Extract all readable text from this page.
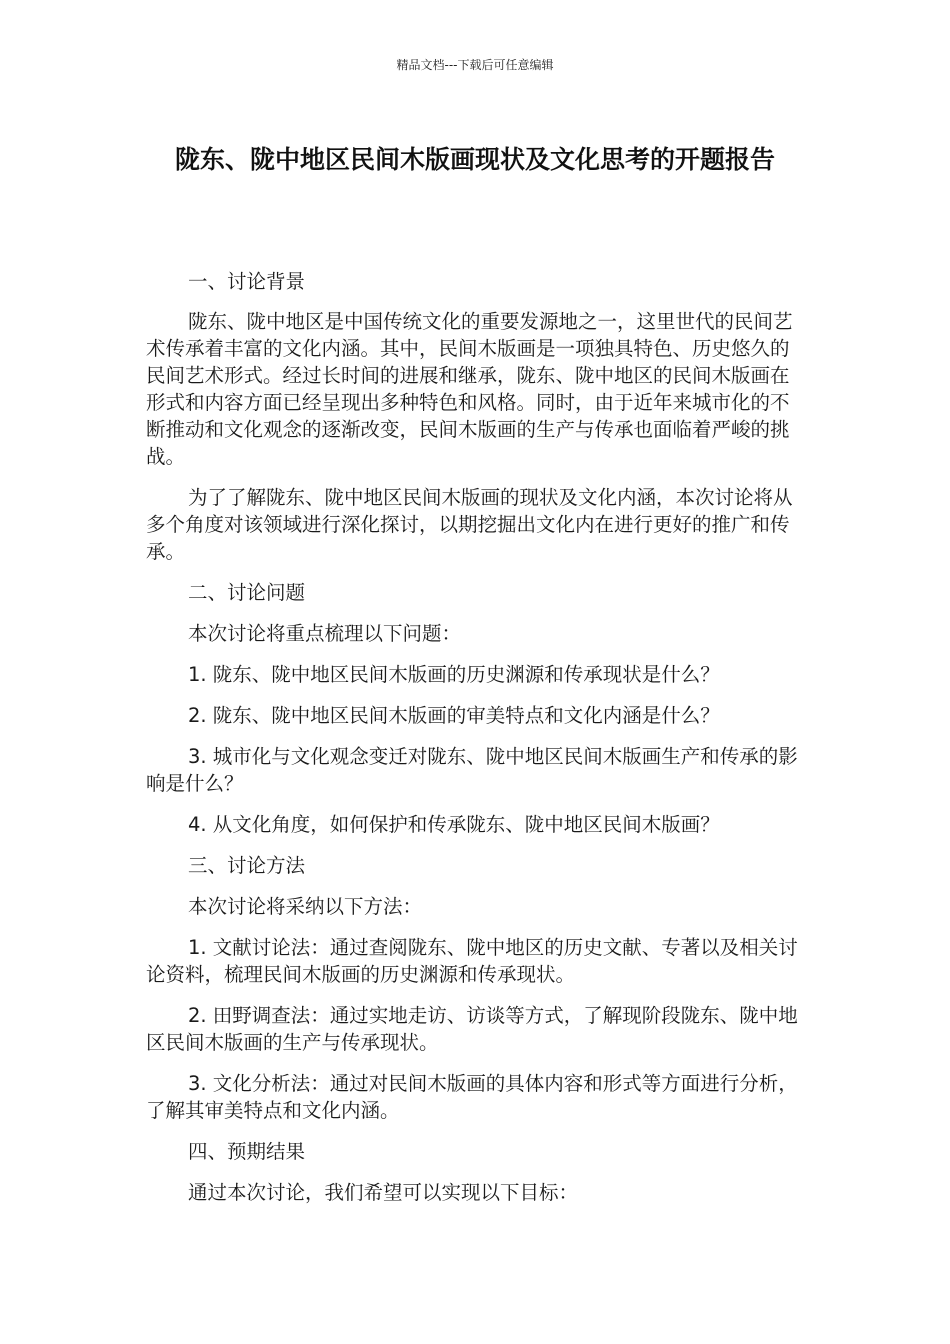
精品文档---下载后可任意编辑
陇东、陇中地区民间木版画现状及文化思考的开题报告

一、讨论背景

陇东、陇中地区是中国传统文化的重要发源地之一，这里世代的民间艺术传承着丰富的文化内涵。其中，民间木版画是一项独具特色、历史悠久的民间艺术形式。经过长时间的进展和继承，陇东、陇中地区的民间木版画在形式和内容方面已经呈现出多种特色和风格。同时，由于近年来城市化的不断推动和文化观念的逐渐改变，民间木版画的生产与传承也面临着严峻的挑战。

为了了解陇东、陇中地区民间木版画的现状及文化内涵，本次讨论将从多个角度对该领域进行深化探讨，以期挖掘出文化内在进行更好的推广和传承。

二、讨论问题

本次讨论将重点梳理以下问题：

1. 陇东、陇中地区民间木版画的历史渊源和传承现状是什么？

2. 陇东、陇中地区民间木版画的审美特点和文化内涵是什么？

3. 城市化与文化观念变迁对陇东、陇中地区民间木版画生产和传承的影响是什么？

4. 从文化角度，如何保护和传承陇东、陇中地区民间木版画？

三、讨论方法

本次讨论将采纳以下方法：

1. 文献讨论法：通过查阅陇东、陇中地区的历史文献、专著以及相关讨论资料，梳理民间木版画的历史渊源和传承现状。

2. 田野调查法：通过实地走访、访谈等方式，了解现阶段陇东、陇中地区民间木版画的生产与传承现状。

3. 文化分析法：通过对民间木版画的具体内容和形式等方面进行分析，了解其审美特点和文化内涵。

四、预期结果

通过本次讨论，我们希望可以实现以下目标：
